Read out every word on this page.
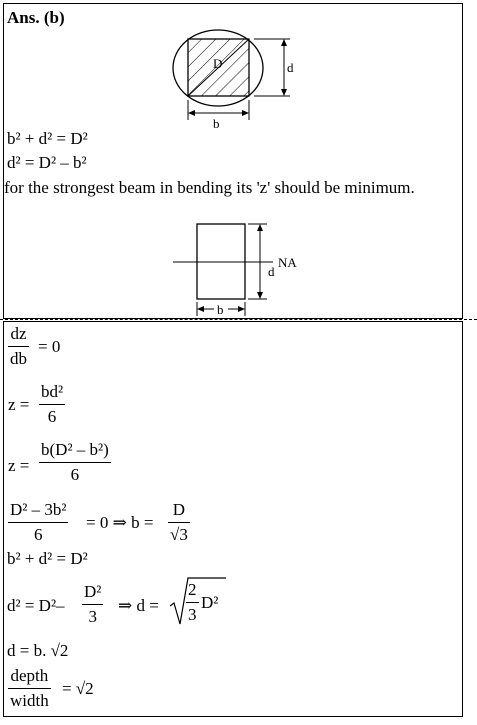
Ans. (b)
D	d
b
b² + d² = D²
d² = D² – b²
for the strongest beam in bending its 'z' should be minimum.
NA
d
b
$\frac{dz}{db} = 0$
$z = \frac{\text{bd²}}{6}$
$z = \frac{\text{b(D² – b²)}}{6}$
$\frac{\text{D² – 3b²}}{6} = 0$ ⇒ $b = \frac{D}{√3}$
b² + d² = D²
$d^2 = D^2- \frac{\text{D²}}{3}$ ⇒ $d = \frac{2}{3} D^2$
d = b. √2
depth
width
= √2
